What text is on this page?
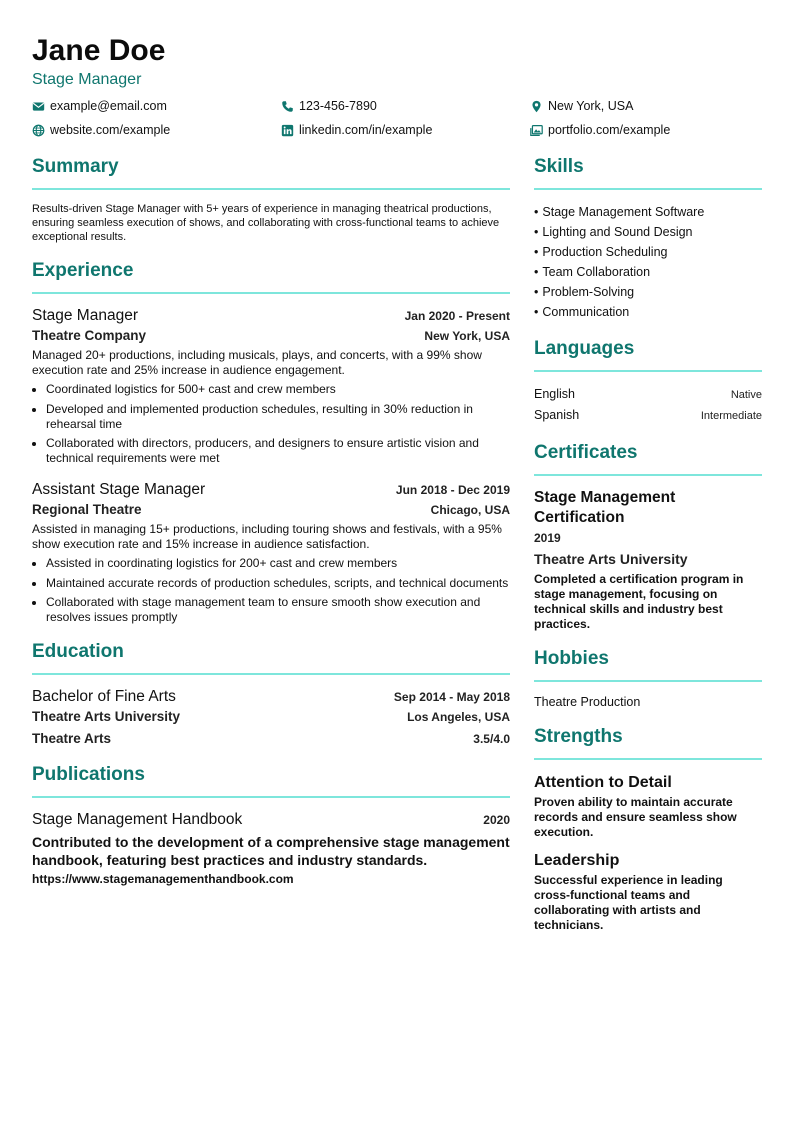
Jane Doe
Stage Manager
example@email.com	123-456-7890	New York, USA
website.com/example	linkedin.com/in/example	portfolio.com/example
Summary
Results-driven Stage Manager with 5+ years of experience in managing theatrical productions, ensuring seamless execution of shows, and collaborating with cross-functional teams to achieve exceptional results.
Experience
Stage Manager	Jan 2020 - Present
Theatre Company	New York, USA
Managed 20+ productions, including musicals, plays, and concerts, with a 99% show execution rate and 25% increase in audience engagement.
• Coordinated logistics for 500+ cast and crew members
• Developed and implemented production schedules, resulting in 30% reduction in rehearsal time
• Collaborated with directors, producers, and designers to ensure artistic vision and technical requirements were met
Assistant Stage Manager	Jun 2018 - Dec 2019
Regional Theatre	Chicago, USA
Assisted in managing 15+ productions, including touring shows and festivals, with a 95% show execution rate and 15% increase in audience satisfaction.
• Assisted in coordinating logistics for 200+ cast and crew members
• Maintained accurate records of production schedules, scripts, and technical documents
• Collaborated with stage management team to ensure smooth show execution and resolves issues promptly
Education
Bachelor of Fine Arts	Sep 2014 - May 2018
Theatre Arts University	Los Angeles, USA
Theatre Arts	3.5/4.0
Publications
Stage Management Handbook	2020
Contributed to the development of a comprehensive stage management handbook, featuring best practices and industry standards.
https://www.stagemanagementhandbook.com
Skills
• Stage Management Software
• Lighting and Sound Design
• Production Scheduling
• Team Collaboration
• Problem-Solving
• Communication
Languages
English	Native
Spanish	Intermediate
Certificates
Stage Management Certification
2019
Theatre Arts University
Completed a certification program in stage management, focusing on technical skills and industry best practices.
Hobbies
Theatre Production
Strengths
Attention to Detail
Proven ability to maintain accurate records and ensure seamless show execution.
Leadership
Successful experience in leading cross-functional teams and collaborating with artists and technicians.
